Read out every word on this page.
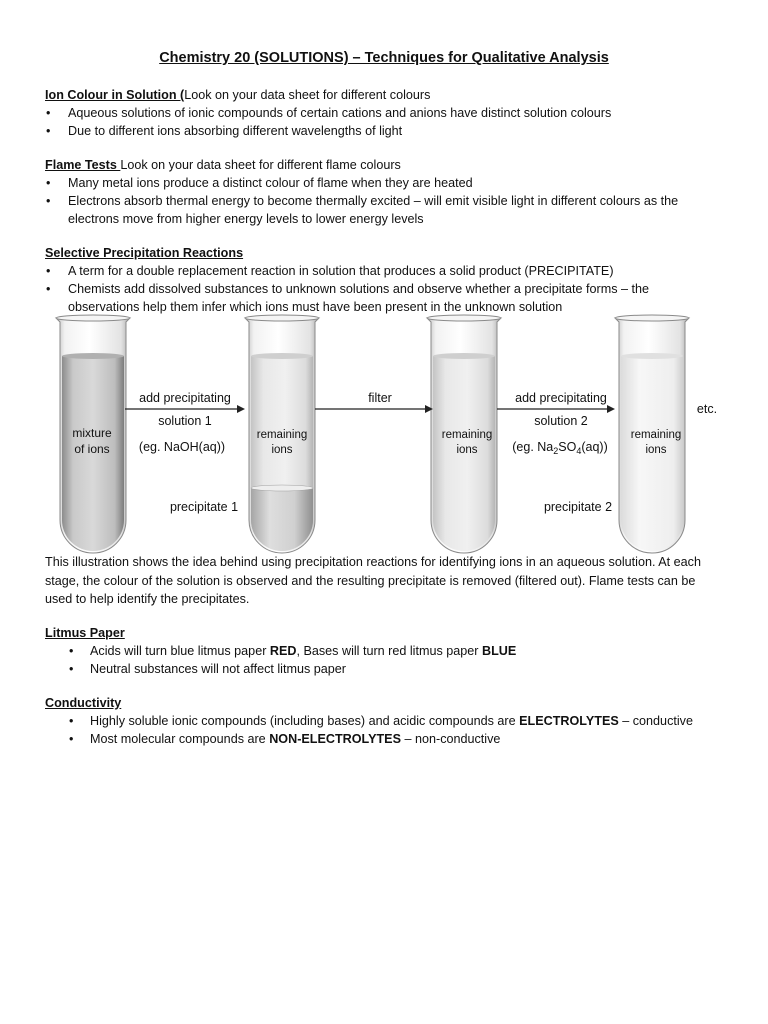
Chemistry 20 (SOLUTIONS) – Techniques for Qualitative Analysis
Ion Colour in Solution (Look on your data sheet for different colours
• Aqueous solutions of ionic compounds of certain cations and anions have distinct solution colours
• Due to different ions absorbing different wavelengths of light
Flame Tests Look on your data sheet for different flame colours
• Many metal ions produce a distinct colour of flame when they are heated
• Electrons absorb thermal energy to become thermally excited – will emit visible light in different colours as the
electrons move from higher energy levels to lower energy levels
Selective Precipitation Reactions
• A term for a double replacement reaction in solution that produces a solid product (PRECIPITATE)
• Chemists add dissolved substances to unknown solutions and observe whether a precipitate forms – the
observations help them infer which ions must have been present in the unknown solution
mixture
of ions
add precipitating
solution 1
(eg. NaOH(aq))
remaining
ions
precipitate 1
filter
remaining
ions
add precipitating
solution 2
(eg. $Na_2SO_4(aq)$)
remaining
ions
precipitate 2
etc.
This illustration shows the idea behind using precipitation reactions for identifying ions in an aqueous solution. At each
stage, the colour of the solution is observed and the resulting precipitate is removed (filtered out). Flame tests can be
used to help identify the precipitates.
Litmus Paper
• Acids will turn blue litmus paper RED, Bases will turn red litmus paper BLUE
• Neutral substances will not affect litmus paper
Conductivity
• Highly soluble ionic compounds (including bases) and acidic compounds are ELECTROLYTES – conductive
• Most molecular compounds are NON-ELECTROLYTES – non-conductive
